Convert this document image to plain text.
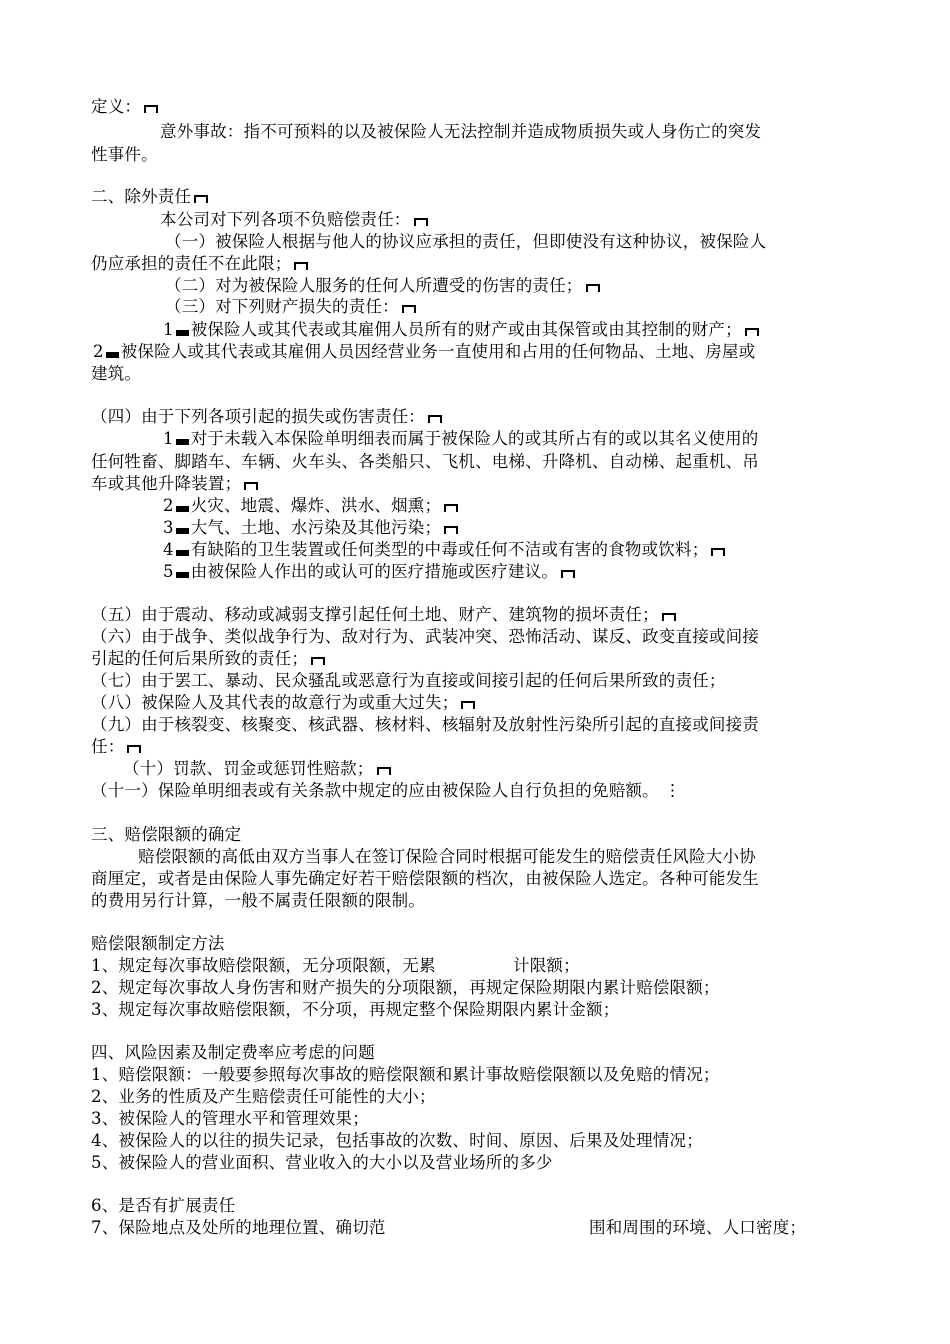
定义：
意外事故：指不可预料的以及被保险人无法控制并造成物质损失或人身伤亡的突发
性事件。
二、除外责任
本公司对下列各项不负赔偿责任：
（一）被保险人根据与他人的协议应承担的责任，但即使没有这种协议，被保险人
仍应承担的责任不在此限；
（二）对为被保险人服务的任何人所遭受的伤害的责任；
（三）对下列财产损失的责任：
1 被保险人或其代表或其雇佣人员所有的财产或由其保管或由其控制的财产；
2 被保险人或其代表或其雇佣人员因经营业务一直使用和占用的任何物品、土地、房屋或
建筑。
（四）由于下列各项引起的损失或伤害责任：
1 对于未载入本保险单明细表而属于被保险人的或其所占有的或以其名义使用的
任何牲畜、脚踏车、车辆、火车头、各类船只、飞机、电梯、升降机、自动梯、起重机、吊
车或其他升降装置；
2 火灾、地震、爆炸、洪水、烟熏；
3 大气、土地、水污染及其他污染；
4 有缺陷的卫生装置或任何类型的中毒或任何不洁或有害的食物或饮料；
5 由被保险人作出的或认可的医疗措施或医疗建议。
（五）由于震动、移动或减弱支撑引起任何土地、财产、建筑物的损坏责任；
（六）由于战争、类似战争行为、敌对行为、武装冲突、恐怖活动、谋反、政变直接或间接
引起的任何后果所致的责任；
（七）由于罢工、暴动、民众骚乱或恶意行为直接或间接引起的任何后果所致的责任；
（八）被保险人及其代表的故意行为或重大过失；
（九）由于核裂变、核聚变、核武器、核材料、核辐射及放射性污染所引起的直接或间接责
任：
（十）罚款、罚金或惩罚性赔款；
（十一）保险单明细表或有关条款中规定的应由被保险人自行负担的免赔额。 ⋮
三、赔偿限额的确定
赔偿限额的高低由双方当事人在签订保险合同时根据可能发生的赔偿责任风险大小协
商厘定，或者是由保险人事先确定好若干赔偿限额的档次，由被保险人选定。各种可能发生
的费用另行计算，一般不属责任限额的限制。
赔偿限额制定方法
1、规定每次事故赔偿限额，无分项限额，无累	计限额；
2、规定每次事故人身伤害和财产损失的分项限额，再规定保险期限内累计赔偿限额；
3、规定每次事故赔偿限额，不分项，再规定整个保险期限内累计金额；
四、风险因素及制定费率应考虑的问题
1、赔偿限额：一般要参照每次事故的赔偿限额和累计事故赔偿限额以及免赔的情况；
2、业务的性质及产生赔偿责任可能性的大小；
3、被保险人的管理水平和管理效果；
4、被保险人的以往的损失记录，包括事故的次数、时间、原因、后果及处理情况；
5、被保险人的营业面积、营业收入的大小以及营业场所的多少
6、是否有扩展责任
7、保险地点及处所的地理位置、确切范	围和周围的环境、人口密度；
